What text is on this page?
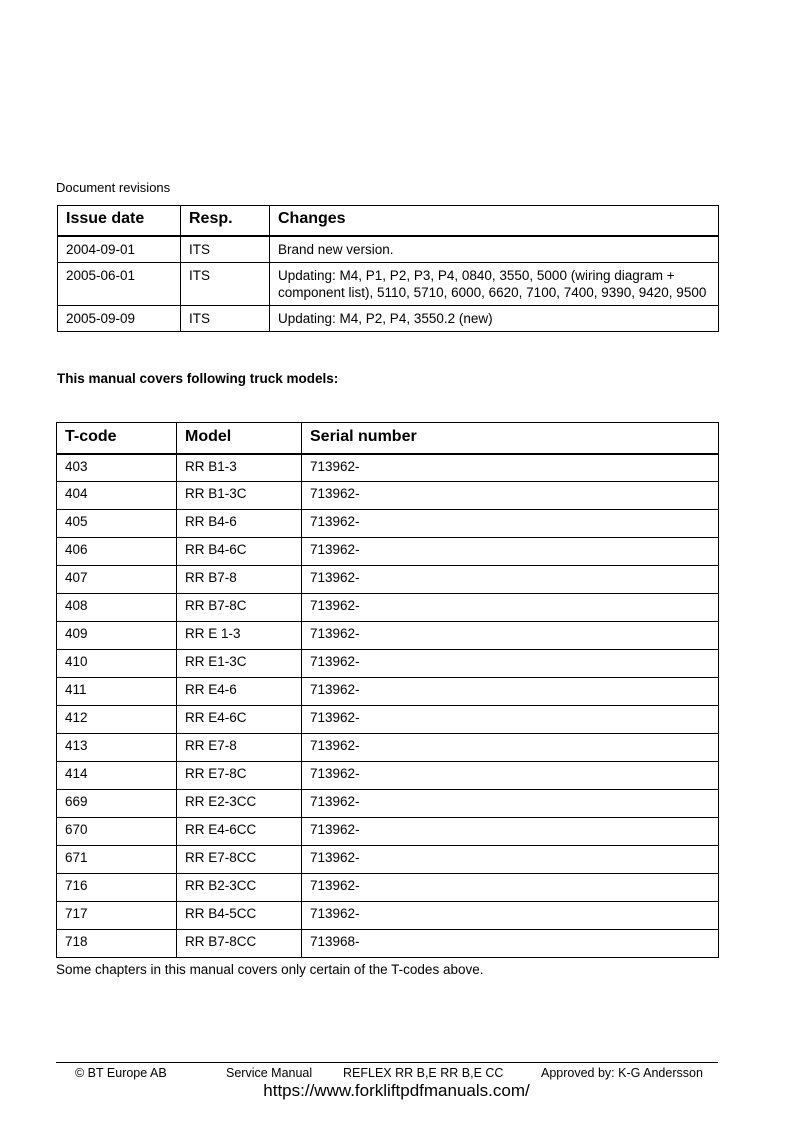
Document revisions
Issue date	Resp.	Changes
2004-09-01	ITS	Brand new version.
2005-06-01	ITS	Updating: M4, P1, P2, P3, P4, 0840, 3550, 5000 (wiring diagram + component list), 5110, 5710, 6000, 6620, 7100, 7400, 9390, 9420, 9500
2005-09-09	ITS	Updating: M4, P2, P4, 3550.2 (new)
This manual covers following truck models:
T-code	Model	Serial number
403	RR B1-3	713962-
404	RR B1-3C	713962-
405	RR B4-6	713962-
406	RR B4-6C	713962-
407	RR B7-8	713962-
408	RR B7-8C	713962-
409	RR E 1-3	713962-
410	RR E1-3C	713962-
411	RR E4-6	713962-
412	RR E4-6C	713962-
413	RR E7-8	713962-
414	RR E7-8C	713962-
669	RR E2-3CC	713962-
670	RR E4-6CC	713962-
671	RR E7-8CC	713962-
716	RR B2-3CC	713962-
717	RR B4-5CC	713962-
718	RR B7-8CC	713968-
Some chapters in this manual covers only certain of the T-codes above.
© BT Europe AB	Service Manual REFLEX RR B,E RR B,E CC	Approved by: K-G Andersson
https://www.forkliftpdfmanuals.com/
